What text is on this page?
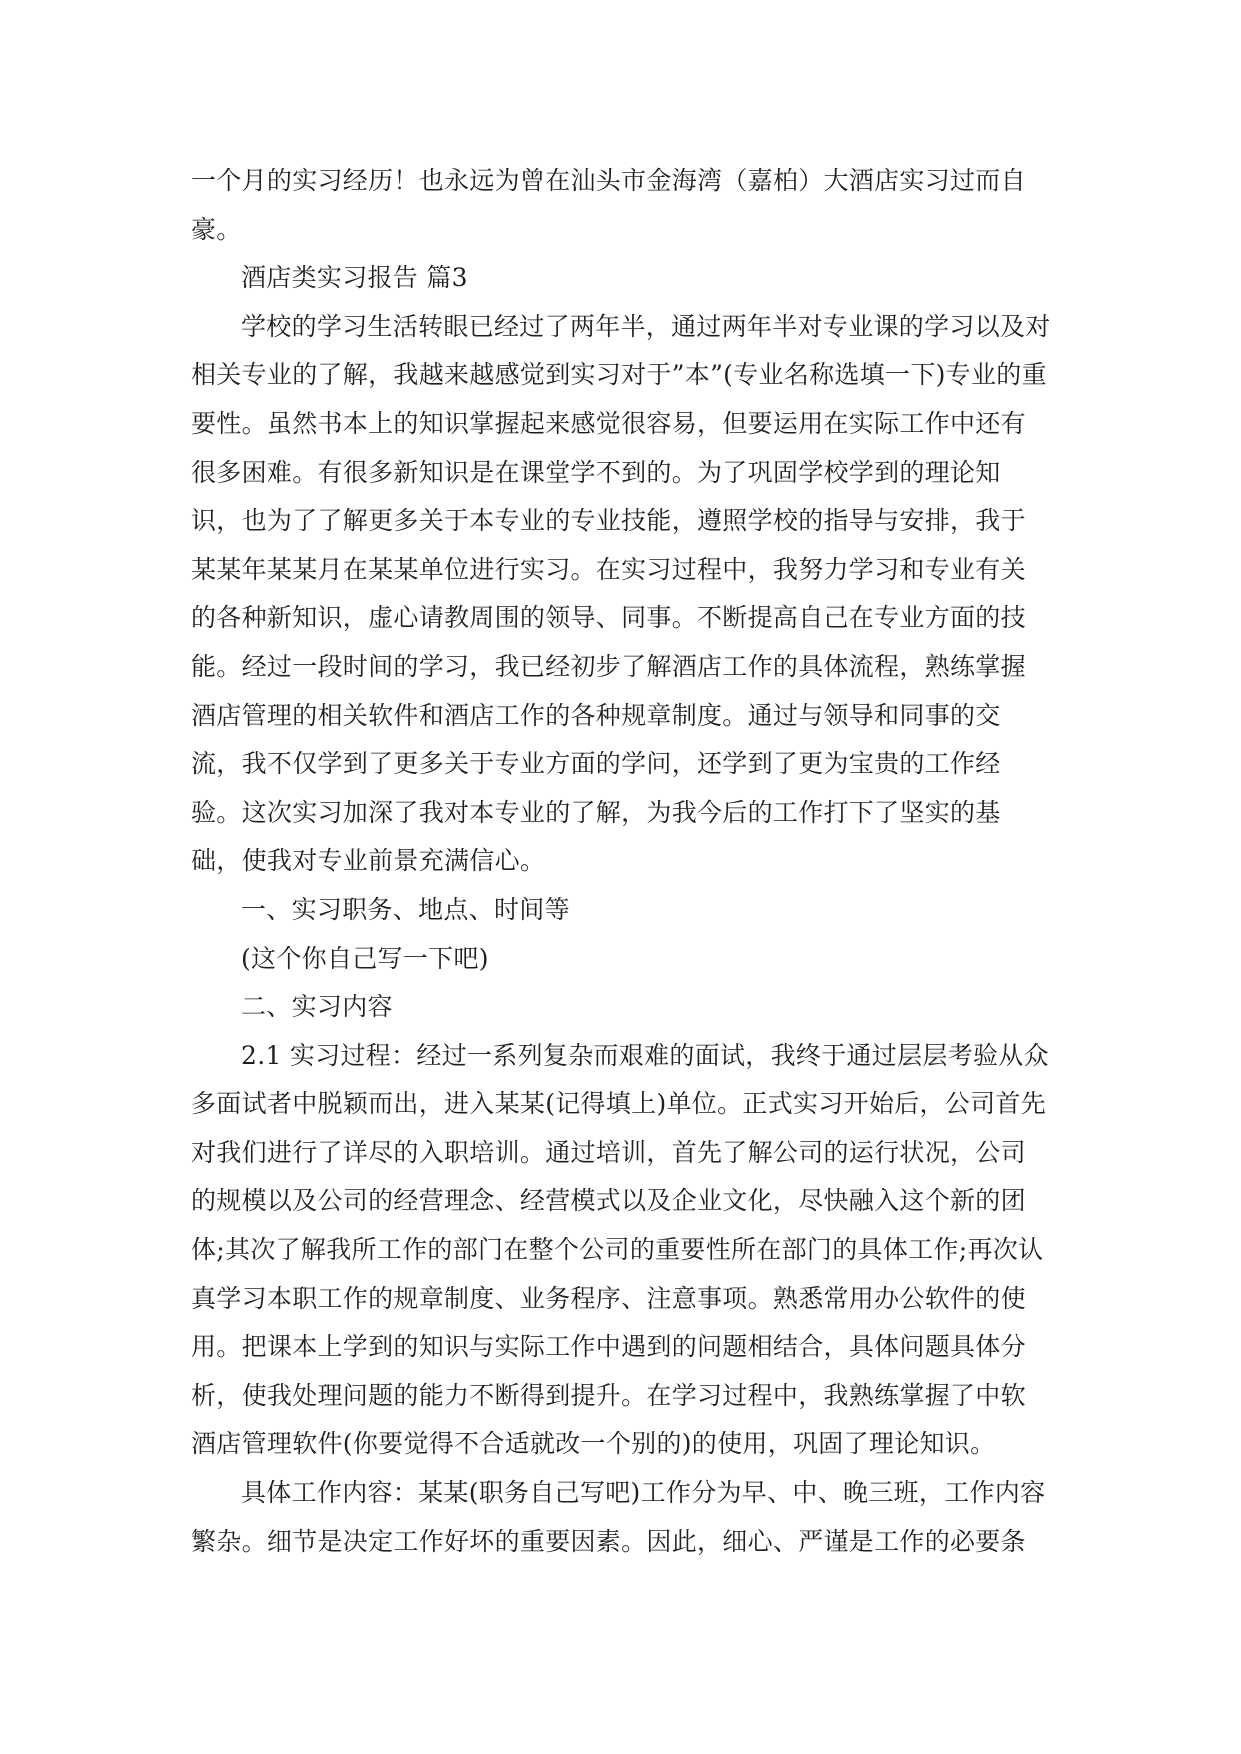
一个月的实习经历！也永远为曾在汕头市金海湾（嘉柏）大酒店实习过而自豪。

酒店类实习报告 篇3

学校的学习生活转眼已经过了两年半，通过两年半对专业课的学习以及对相关专业的了解，我越来越感觉到实习对于”本”(专业名称选填一下)专业的重要性。虽然书本上的知识掌握起来感觉很容易，但要运用在实际工作中还有很多困难。有很多新知识是在课堂学不到的。为了巩固学校学到的理论知识，也为了了解更多关于本专业的专业技能，遵照学校的指导与安排，我于某某年某某月在某某单位进行实习。在实习过程中，我努力学习和专业有关的各种新知识，虚心请教周围的领导、同事。不断提高自己在专业方面的技能。经过一段时间的学习，我已经初步了解酒店工作的具体流程，熟练掌握酒店管理的相关软件和酒店工作的各种规章制度。通过与领导和同事的交流，我不仅学到了更多关于专业方面的学问，还学到了更为宝贵的工作经验。这次实习加深了我对本专业的了解，为我今后的工作打下了坚实的基础，使我对专业前景充满信心。

一、实习职务、地点、时间等

(这个你自己写一下吧)

二、实习内容

2.1 实习过程：经过一系列复杂而艰难的面试，我终于通过层层考验从众多面试者中脱颖而出，进入某某(记得填上)单位。正式实习开始后，公司首先对我们进行了详尽的入职培训。通过培训，首先了解公司的运行状况，公司的规模以及公司的经营理念、经营模式以及企业文化，尽快融入这个新的团体;其次了解我所工作的部门在整个公司的重要性所在部门的具体工作;再次认真学习本职工作的规章制度、业务程序、注意事项。熟悉常用办公软件的使用。把课本上学到的知识与实际工作中遇到的问题相结合，具体问题具体分析，使我处理问题的能力不断得到提升。在学习过程中，我熟练掌握了中软酒店管理软件(你要觉得不合适就改一个别的)的使用，巩固了理论知识。

具体工作内容：某某(职务自己写吧)工作分为早、中、晚三班，工作内容繁杂。细节是决定工作好坏的重要因素。因此，细心、严谨是工作的必要条
